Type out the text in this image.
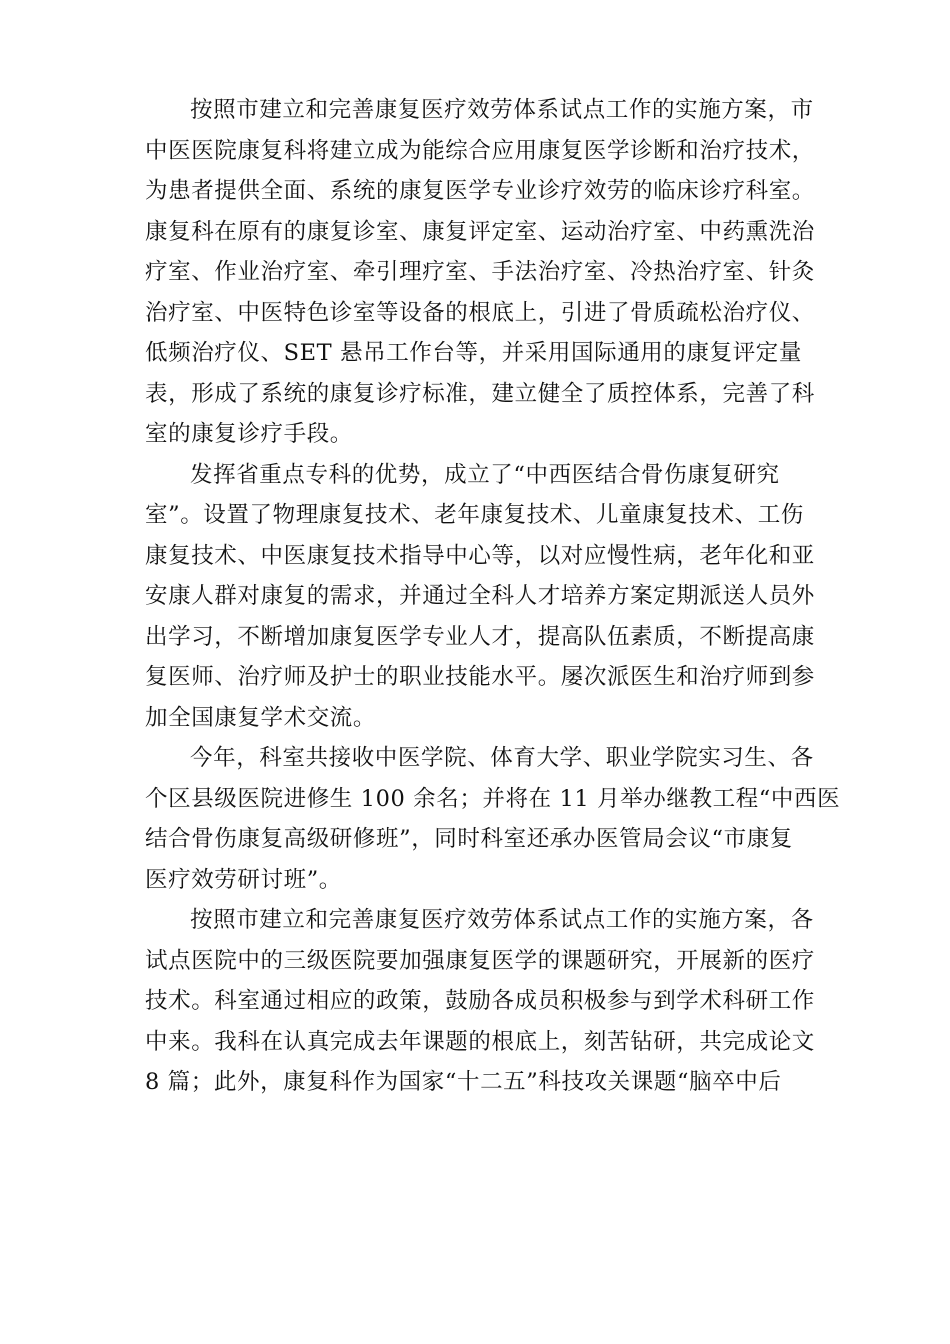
按照市建立和完善康复医疗效劳体系试点工作的实施方案，市
中医医院康复科将建立成为能综合应用康复医学诊断和治疗技术，
为患者提供全面、系统的康复医学专业诊疗效劳的临床诊疗科室。
康复科在原有的康复诊室、康复评定室、运动治疗室、中药熏洗治
疗室、作业治疗室、牵引理疗室、手法治疗室、冷热治疗室、针灸
治疗室、中医特色诊室等设备的根底上，引进了骨质疏松治疗仪、
低频治疗仪、SET 悬吊工作台等，并采用国际通用的康复评定量
表，形成了系统的康复诊疗标准，建立健全了质控体系，完善了科
室的康复诊疗手段。
发挥省重点专科的优势，成立了“中西医结合骨伤康复研究
室”。设置了物理康复技术、老年康复技术、儿童康复技术、工伤
康复技术、中医康复技术指导中心等，以对应慢性病，老年化和亚
安康人群对康复的需求，并通过全科人才培养方案定期派送人员外
出学习，不断增加康复医学专业人才，提高队伍素质，不断提高康
复医师、治疗师及护士的职业技能水平。屡次派医生和治疗师到参
加全国康复学术交流。
今年，科室共接收中医学院、体育大学、职业学院实习生、各
个区县级医院进修生 100 余名；并将在 11 月举办继教工程“中西医
结合骨伤康复高级研修班”，同时科室还承办医管局会议“市康复
医疗效劳研讨班”。
按照市建立和完善康复医疗效劳体系试点工作的实施方案，各
试点医院中的三级医院要加强康复医学的课题研究，开展新的医疗
技术。科室通过相应的政策，鼓励各成员积极参与到学术科研工作
中来。我科在认真完成去年课题的根底上，刻苦钻研，共完成论文
8 篇；此外，康复科作为国家“十二五”科技攻关课题“脑卒中后
